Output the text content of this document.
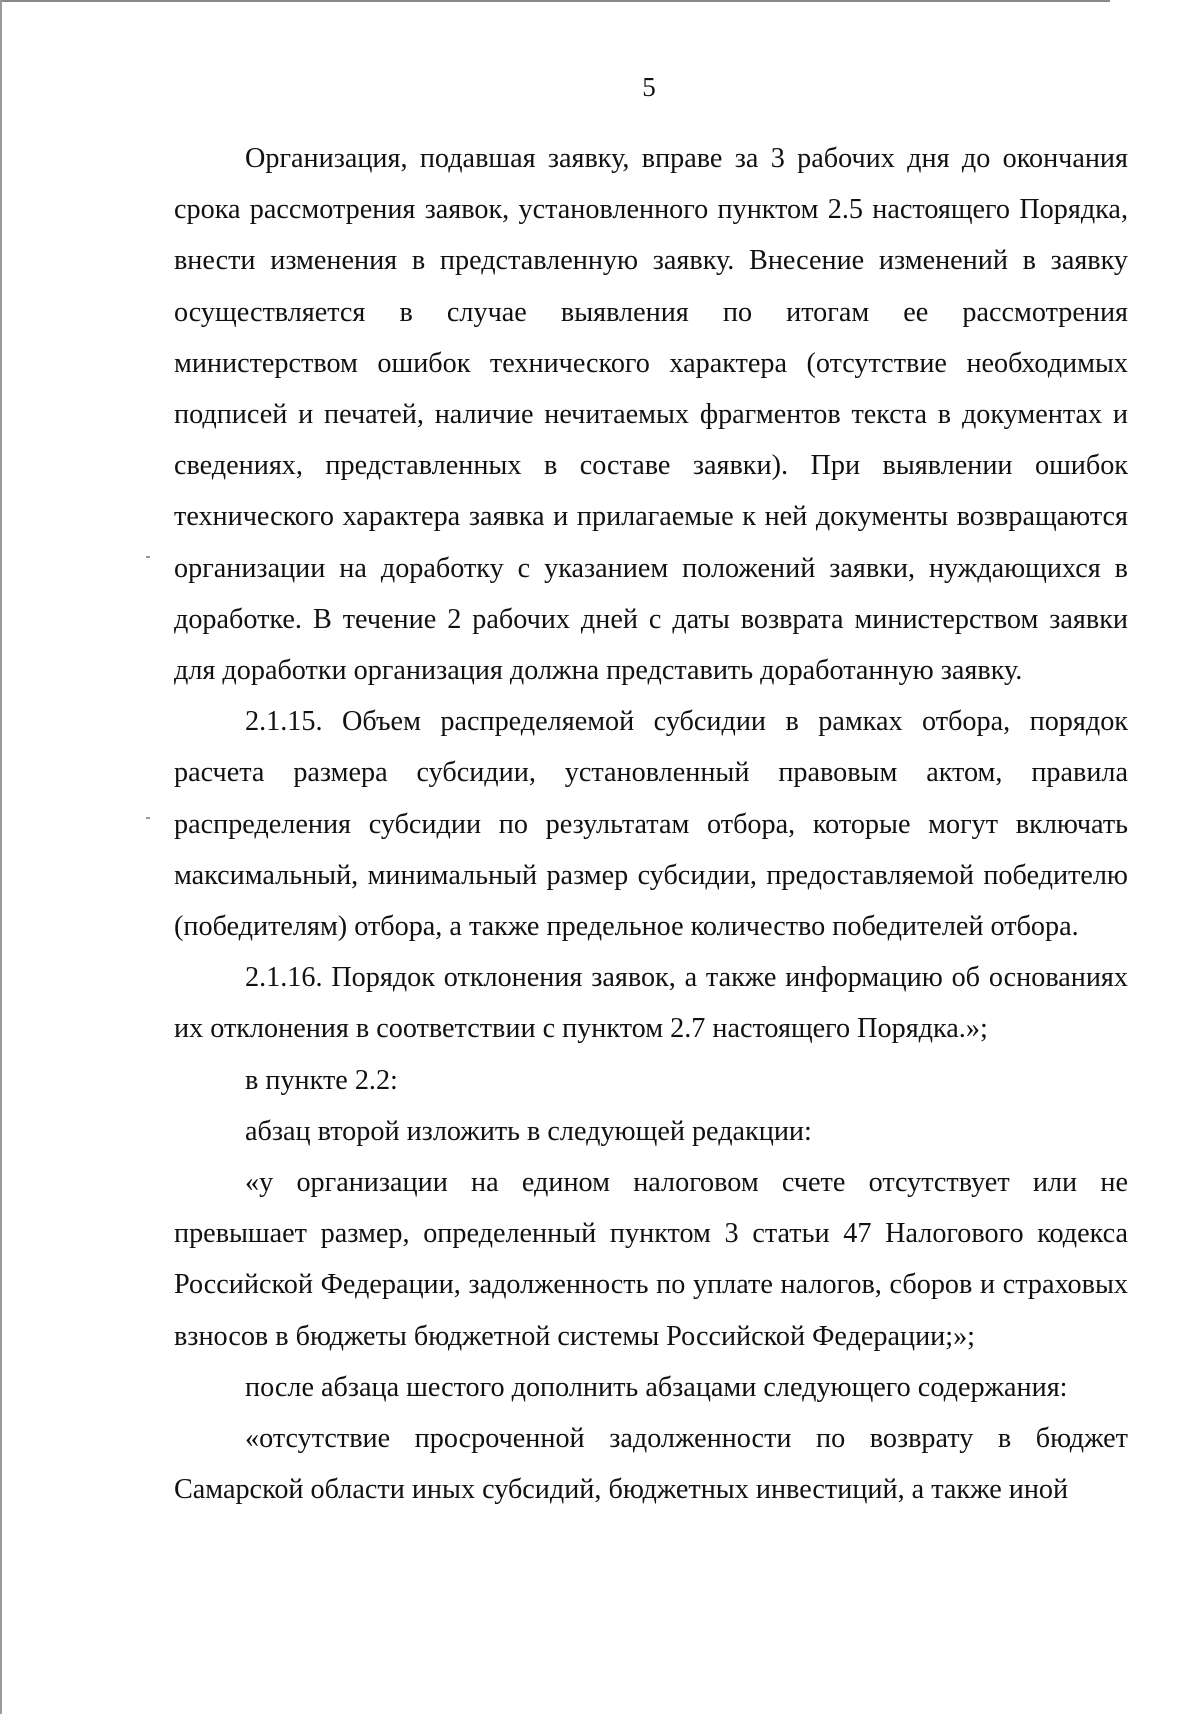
5

Организация, подавшая заявку, вправе за 3 рабочих дня до окончания срока рассмотрения заявок, установленного пунктом 2.5 настоящего Порядка, внести изменения в представленную заявку. Внесение изменений в заявку осуществляется в случае выявления по итогам ее рассмотрения министерством ошибок технического характера (отсутствие необходимых подписей и печатей, наличие нечитаемых фрагментов текста в документах и сведениях, представленных в составе заявки). При выявлении ошибок технического характера заявка и прилагаемые к ней документы возвращаются организации на доработку с указанием положений заявки, нуждающихся в доработке. В течение 2 рабочих дней с даты возврата министерством заявки для доработки организация должна представить доработанную заявку.

2.1.15. Объем распределяемой субсидии в рамках отбора, порядок расчета размера субсидии, установленный правовым актом, правила распределения субсидии по результатам отбора, которые могут включать максимальный, минимальный размер субсидии, предоставляемой победителю (победителям) отбора, а также предельное количество победителей отбора.

2.1.16. Порядок отклонения заявок, а также информацию об основаниях их отклонения в соответствии с пунктом 2.7 настоящего Порядка.»;

в пункте 2.2:

абзац второй изложить в следующей редакции:

«у организации на едином налоговом счете отсутствует или не превышает размер, определенный пунктом 3 статьи 47 Налогового кодекса Российской Федерации, задолженность по уплате налогов, сборов и страховых взносов в бюджеты бюджетной системы Российской Федерации;»;

после абзаца шестого дополнить абзацами следующего содержания:

«отсутствие просроченной задолженности по возврату в бюджет Самарской области иных субсидий, бюджетных инвестиций, а также иной
